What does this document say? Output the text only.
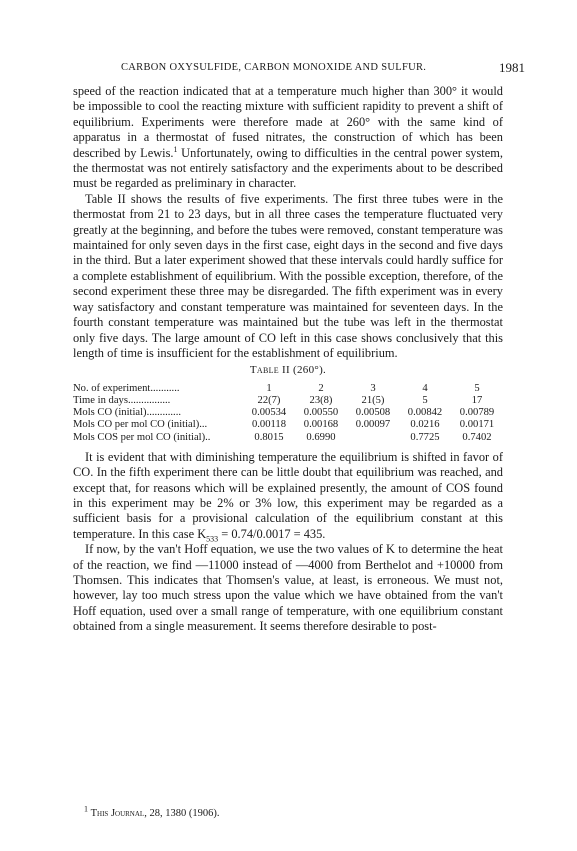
CARBON OXYSULFIDE, CARBON MONOXIDE AND SULFUR.	1981

speed of the reaction indicated that at a temperature much higher than 300° it would be impossible to cool the reacting mixture with sufficient rapidity to prevent a shift of equilibrium. Experiments were therefore made at 260° with the same kind of apparatus in a thermostat of fused nitrates, the construction of which has been described by Lewis.$^1$ Unfortunately, owing to difficulties in the central power system, the thermostat was not entirely satisfactory and the experiments about to be described must be regarded as preliminary in character.

Table II shows the results of five experiments. The first three tubes were in the thermostat from 21 to 23 days, but in all three cases the temperature fluctuated very greatly at the beginning, and before the tubes were removed, constant temperature was maintained for only seven days in the first case, eight days in the second and five days in the third. But a later experiment showed that these intervals could hardly suffice for a complete establishment of equilibrium. With the possible exception, therefore, of the second experiment these three may be disregarded. The fifth experiment was in every way satisfactory and constant temperature was maintained for seventeen days. In the fourth constant temperature was maintained but the tube was left in the thermostat only five days. The large amount of CO left in this case shows conclusively that this length of time is insufficient for the establishment of equilibrium.

Table II (260°).
No. of experiment...........	1	2	3	4	5
Time in days................	22(7)	23(8)	21(5)	5	17
Mols CO (initial).............	0.00534	0.00550	0.00508	0.00842	0.00789
Mols CO per mol CO (initial)...	0.00118	0.00168	0.00097	0.0216	0.00171
Mols COS per mol CO (initial)..	0.8015	0.6990		0.7725	0.7402

It is evident that with diminishing temperature the equilibrium is shifted in favor of CO. In the fifth experiment there can be little doubt that equilibrium was reached, and except that, for reasons which will be explained presently, the amount of COS found in this experiment may be 2% or 3% low, this experiment may be regarded as a sufficient basis for a provisional calculation of the equilibrium constant at this temperature. In this case $K_{533} = 0.74/0.0017 = 435$.

If now, by the van't Hoff equation, we use the two values of K to determine the heat of the reaction, we find —11000 instead of —4000 from Berthelot and +10000 from Thomsen. This indicates that Thomsen's value, at least, is erroneous. We must not, however, lay too much stress upon the value which we have obtained from the van't Hoff equation, used over a small range of temperature, with one equilibrium constant obtained from a single measurement. It seems therefore desirable to post-

$^1$ This Journal, 28, 1380 (1906).
